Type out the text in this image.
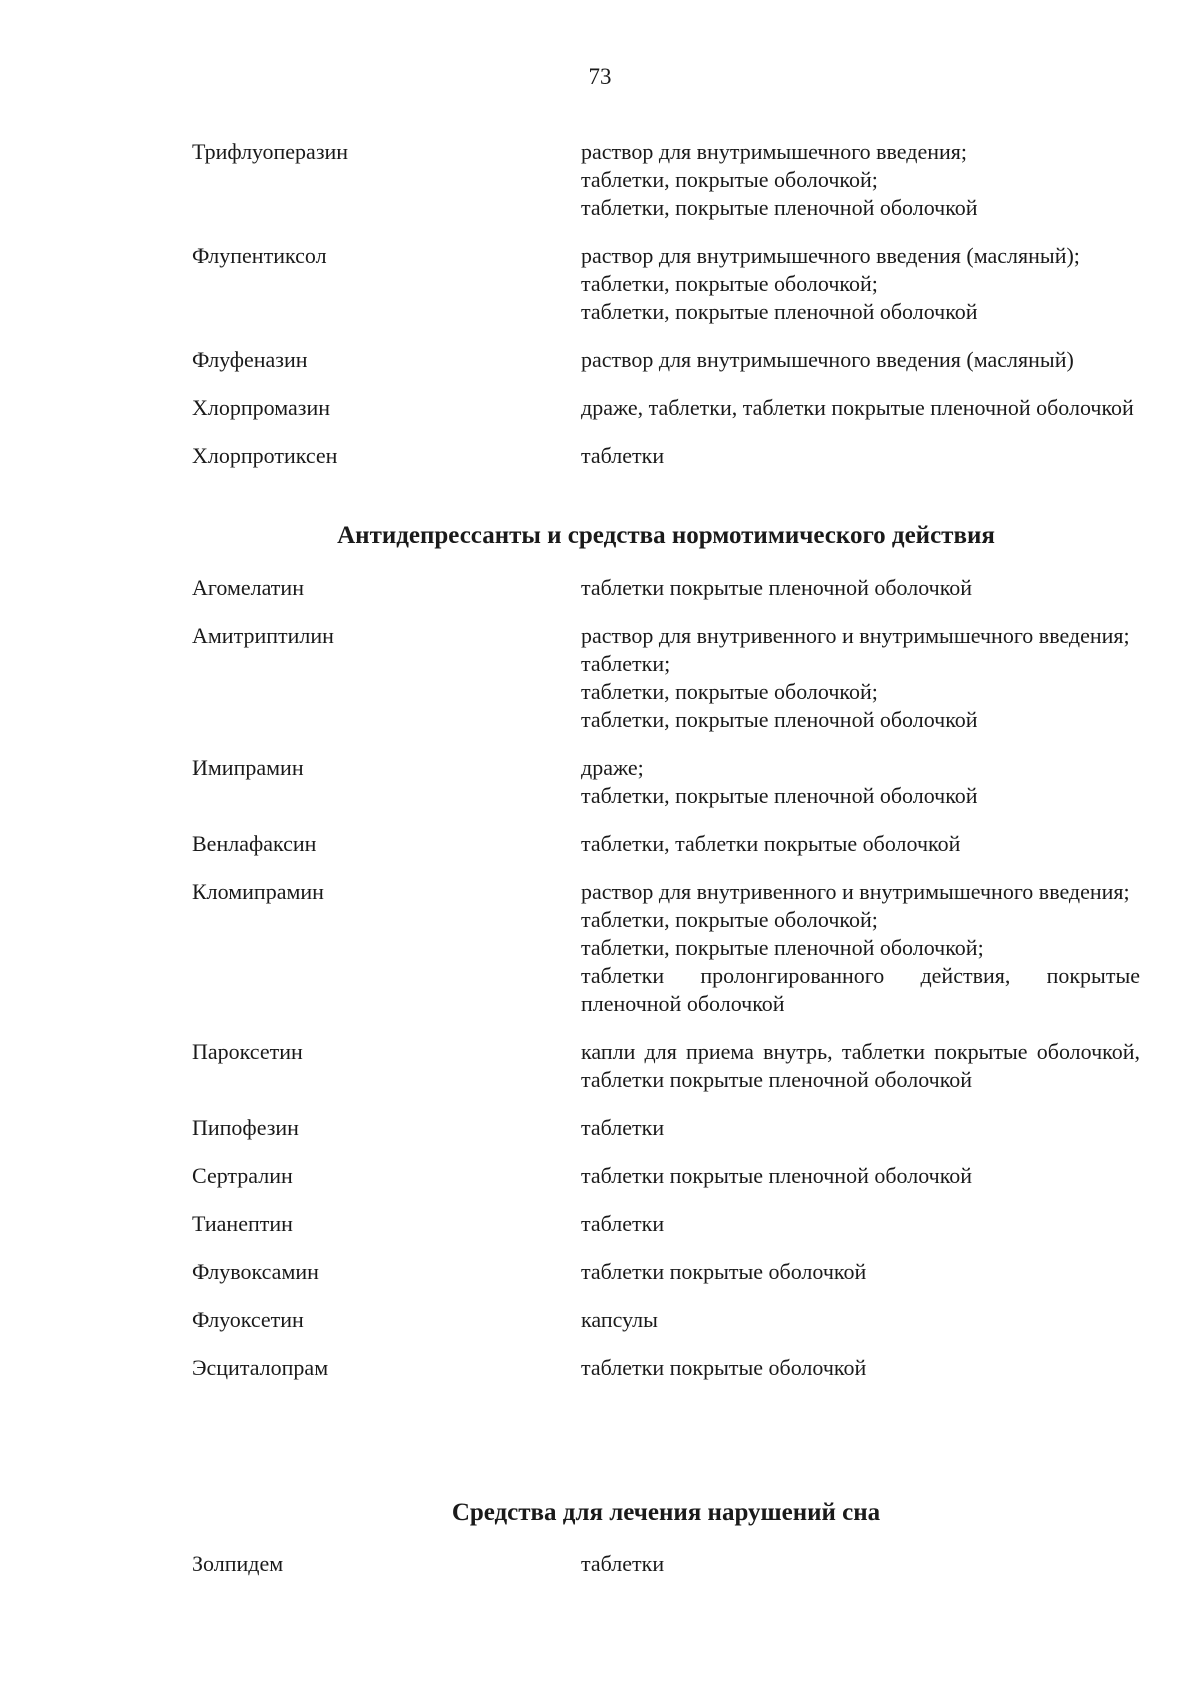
73
Трифлуоперазин	раствор для внутримышечного введения;
таблетки, покрытые оболочкой;
таблетки, покрытые пленочной оболочкой
Флупентиксол	раствор для внутримышечного введения (масляный);
таблетки, покрытые оболочкой;
таблетки, покрытые пленочной оболочкой
Флуфеназин	раствор для внутримышечного введения (масляный)
Хлорпромазин	драже, таблетки, таблетки покрытые пленочной оболочкой
Хлорпротиксен	таблетки
Антидепрессанты и средства нормотимического действия
Агомелатин	таблетки покрытые пленочной оболочкой
Амитриптилин	раствор для внутривенного и внутримышечного введения;
таблетки;
таблетки, покрытые оболочкой;
таблетки, покрытые пленочной оболочкой
Имипрамин	драже;
таблетки, покрытые пленочной оболочкой
Венлафаксин	таблетки, таблетки покрытые оболочкой
Кломипрамин	раствор для внутривенного и внутримышечного введения;
таблетки, покрытые оболочкой;
таблетки, покрытые пленочной оболочкой;
таблетки пролонгированного действия, покрытые пленочной оболочкой
Пароксетин	капли для приема внутрь, таблетки покрытые оболочкой, таблетки покрытые пленочной оболочкой
Пипофезин	таблетки
Сертралин	таблетки покрытые пленочной оболочкой
Тианептин	таблетки
Флувоксамин	таблетки покрытые оболочкой
Флуоксетин	капсулы
Эсциталопрам	таблетки покрытые оболочкой
Средства для лечения нарушений сна
Золпидем	таблетки
